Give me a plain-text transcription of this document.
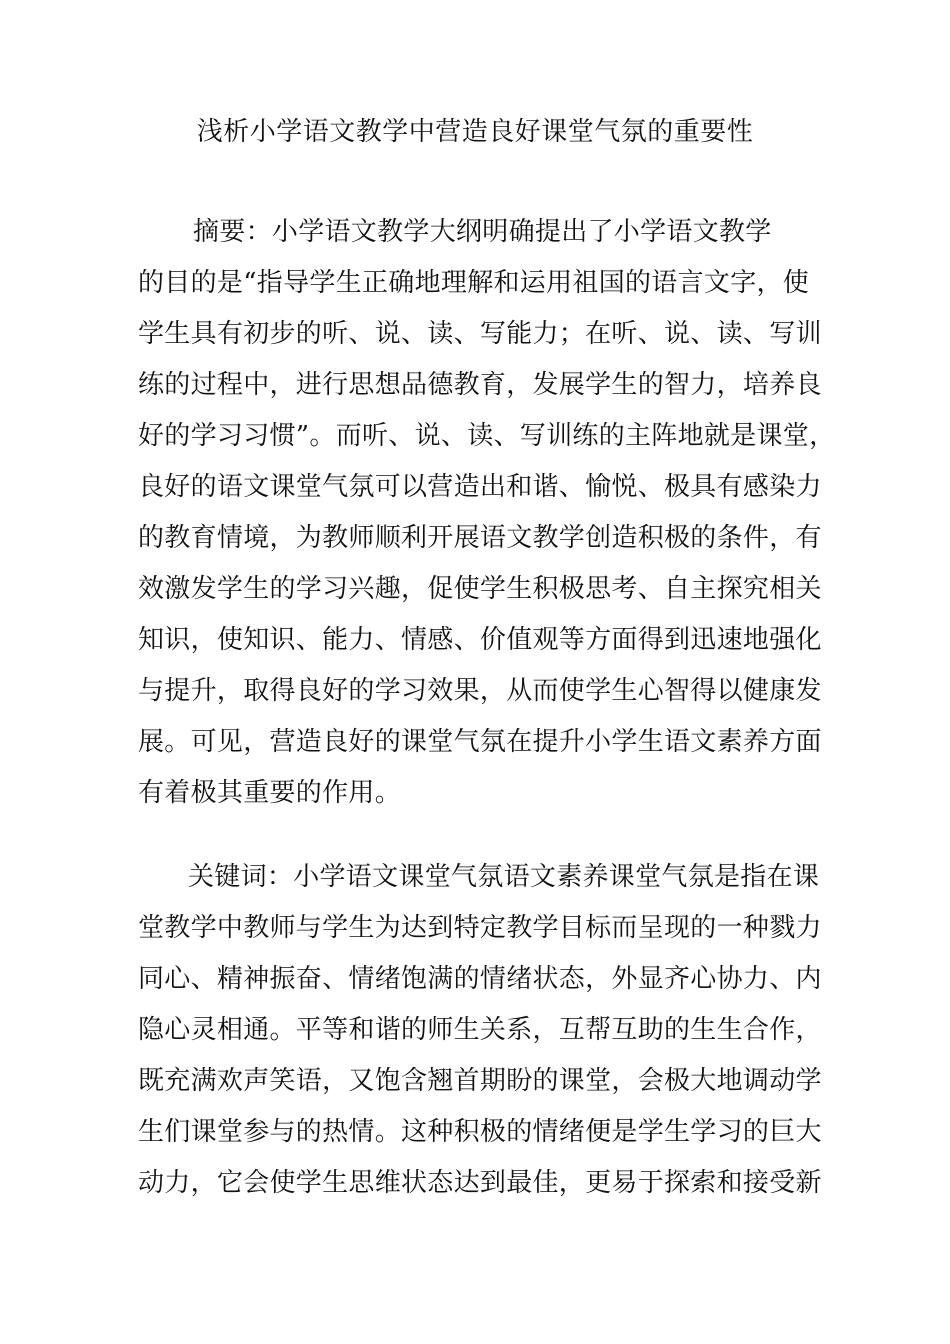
浅析小学语文教学中营造良好课堂气氛的重要性
摘要：小学语文教学大纲明确提出了小学语文教学
的目的是“指导学生正确地理解和运用祖国的语言文字，使
学生具有初步的听、说、读、写能力；在听、说、读、写训
练的过程中，进行思想品德教育，发展学生的智力，培养良
好的学习习惯”。而听、说、读、写训练的主阵地就是课堂，
良好的语文课堂气氛可以营造出和谐、愉悦、极具有感染力
的教育情境，为教师顺利开展语文教学创造积极的条件，有
效激发学生的学习兴趣，促使学生积极思考、自主探究相关
知识，使知识、能力、情感、价值观等方面得到迅速地强化
与提升，取得良好的学习效果，从而使学生心智得以健康发
展。可见，营造良好的课堂气氛在提升小学生语文素养方面
有着极其重要的作用。
关键词：小学语文课堂气氛语文素养课堂气氛是指在课
堂教学中教师与学生为达到特定教学目标而呈现的一种戮力
同心、精神振奋、情绪饱满的情绪状态，外显齐心协力、内
隐心灵相通。平等和谐的师生关系，互帮互助的生生合作，
既充满欢声笑语，又饱含翘首期盼的课堂，会极大地调动学
生们课堂参与的热情。这种积极的情绪便是学生学习的巨大
动力，它会使学生思维状态达到最佳，更易于探索和接受新
